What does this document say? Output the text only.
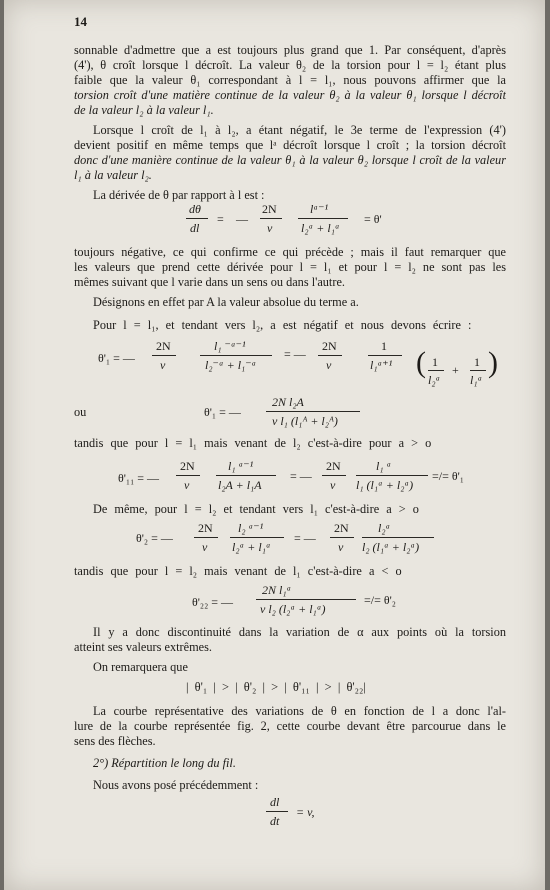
14
sonnable d'admettre que a est toujours plus grand que 1. Par conséquent, d'après
(4'), θ croît lorsque l décroît. La valeur θ₂ de la torsion pour l = l₂ étant plus
faible que la valeur θ₁ correspondant à l = l₁, nous pouvons affirmer que la
torsion croît d'une matière continue de la valeur θ₂ à la valeur θ₁ lorsque l décroît
de la valeur l₂ à la valeur l₁.
Lorsque l croît de l₁ à l₂, a étant négatif, le 3e terme de l'expression (4')
devient positif en même temps que lᵃ décroît lorsque l croît ; la torsion décroît
donc d'une manière continue de la valeur θ₁ à la valeur θ₂ lorsque l croît de la valeur
l₁ à la valeur l₂.
La dérivée de θ par rapport à l est :
dθ
dl
= —
2N
v
lᵃ⁻¹
l₂ᵃ + l₁ᵃ
= θ'
toujours négative, ce qui confirme ce qui précède ; mais il faut remarquer que
les valeurs que prend cette dérivée pour l = l₁ et pour l = l₂ ne sont pas les
mêmes suivant que l varie dans un sens ou dans l'autre.
Désignons en effet par A la valeur absolue du terme a.
Pour l = l₁, et tendant vers l₂, a est négatif et nous devons écrire :
θ'₁ = —
2N
v
l₁ ⁻ᵃ⁻¹
l₂⁻ᵃ + l₁⁻ᵃ
= —
2N
v
1
l₁ᵃ⁺¹ ( 1
l₂ᵃ
+
1
l₁ᵃ
)
ou	θ'₁ = —
2N l₂A
v l₁ (l₁ᴬ + l₂ᴬ)
tandis que pour l = l₁ mais venant de l₂ c'est-à-dire pour a > o
θ'₁₁ = —
2N
v
l₁ ᵃ⁻¹
l₂A + l₁A
= —
2N
v
l₁ ᵃ
l₁ (l₁ᵃ + l₂ᵃ)
=/= θ'₁
De même, pour l = l₂ et tendant vers l₁ c'est-à-dire a > o
θ'₂ = —
2N
v
l₂ ᵃ⁻¹
l₂ᵃ + l₁ᵃ
= —
2N
v
l₂ᵃ
l₂ (l₁ᵃ + l₂ᵃ)
tandis que pour l = l₂ mais venant de l₁ c'est-à-dire a < o
θ'₂₂ = —
2N l₁ᵃ
v l₂ (l₂ᵃ + l₁ᵃ)
=/= θ'₂
Il y a donc discontinuité dans la variation de α aux points où la torsion
atteint ses valeurs extrêmes.
On remarquera que
| θ'₁ | > | θ'₂ | > | θ'₁₁ | > | θ'₂₂|
La courbe représentative des variations de θ en fonction de l a donc l'al-
lure de la courbe représentée fig. 2, cette courbe devant être parcourue dans le
sens des flèches.
2°) Répartition le long du fil.
Nous avons posé précédemment :
dl
dt
= v,
